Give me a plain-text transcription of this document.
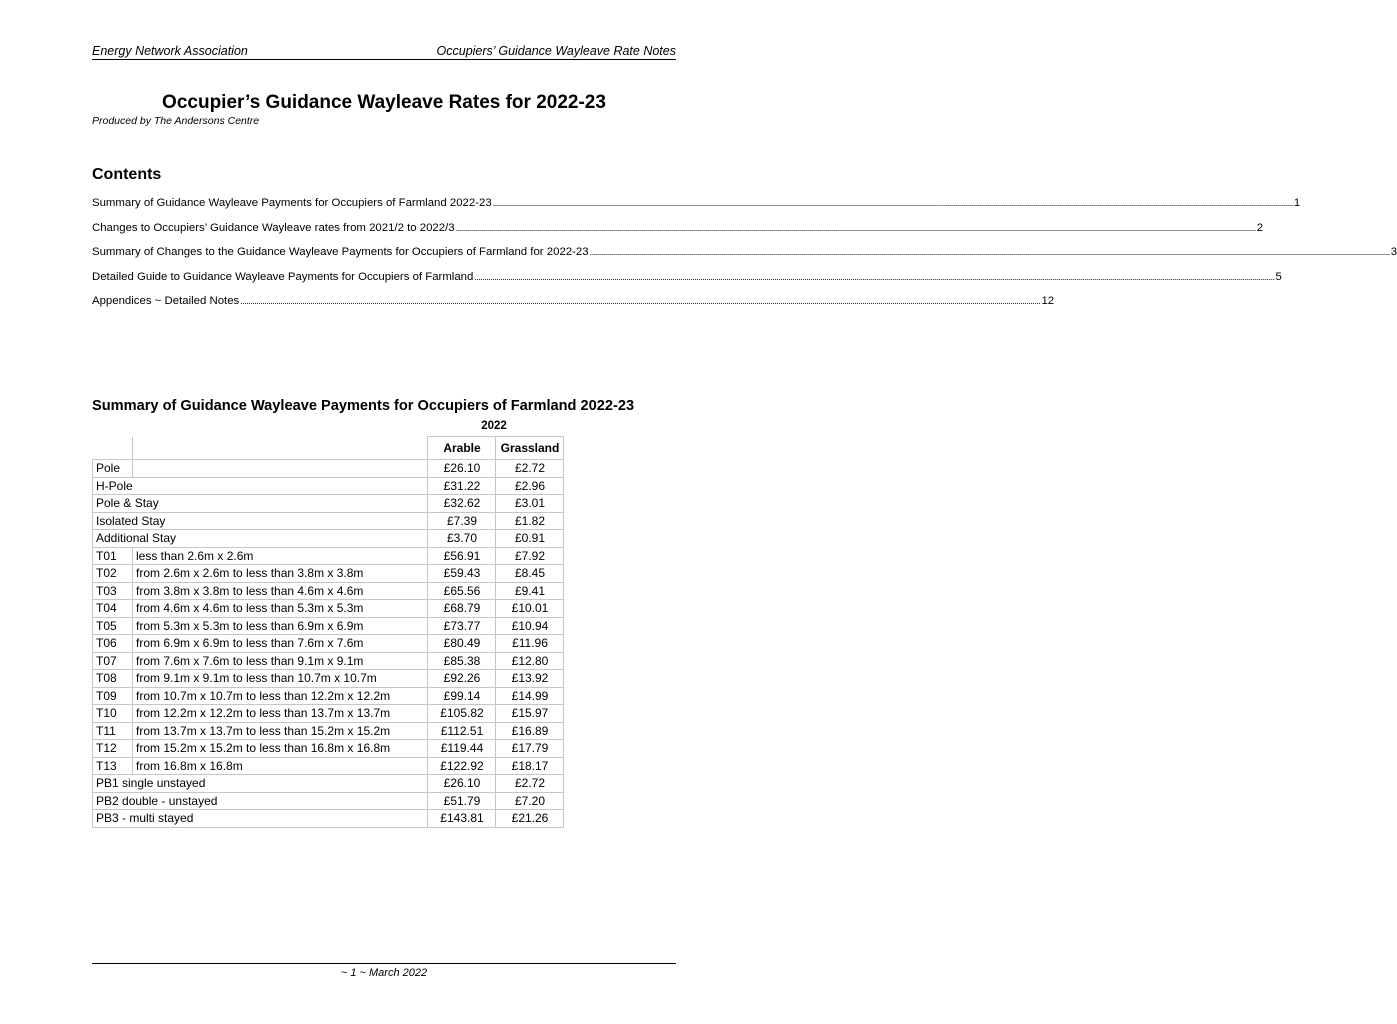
Energy Network Association	Occupiers’ Guidance Wayleave Rate Notes
Occupier’s Guidance Wayleave Rates for 2022-23
Produced by The Andersons Centre
Contents
Summary of Guidance Wayleave Payments for Occupiers of Farmland 2022-23 ................................................................................................................................................................................................................................................................................................................................................................................................................ 1
Changes to Occupiers’ Guidance Wayleave rates from 2021/2 to 2022/3 ................................................................................................................................................................................................................................................................................................................................................................................................................ 2
Summary of Changes to the Guidance Wayleave Payments for Occupiers of Farmland for 2022-23 ................................................................................................................................................................................................................................................................................................................................................................................................................ 3
Detailed Guide to Guidance Wayleave Payments for Occupiers of Farmland ................................................................................................................................................................................................................................................................................................................................................................................................................ 5
Appendices ~ Detailed Notes ................................................................................................................................................................................................................................................................................................................................................................................................................ 12
Summary of Guidance Wayleave Payments for Occupiers of Farmland 2022-23
2022
		Arable	Grassland
Pole		£26.10	£2.72
H-Pole		£31.22	£2.96
Pole & Stay		£32.62	£3.01
Isolated Stay		£7.39	£1.82
Additional Stay		£3.70	£0.91
T01	less than 2.6m x 2.6m	£56.91	£7.92
T02	from 2.6m x 2.6m to less than 3.8m x 3.8m	£59.43	£8.45
T03	from 3.8m x 3.8m to less than 4.6m x 4.6m	£65.56	£9.41
T04	from 4.6m x 4.6m to less than 5.3m x 5.3m	£68.79	£10.01
T05	from 5.3m x 5.3m to less than 6.9m x 6.9m	£73.77	£10.94
T06	from 6.9m x 6.9m to less than 7.6m x 7.6m	£80.49	£11.96
T07	from 7.6m x 7.6m to less than 9.1m x 9.1m	£85.38	£12.80
T08	from 9.1m x 9.1m to less than 10.7m x 10.7m	£92.26	£13.92
T09	from 10.7m x 10.7m to less than 12.2m x 12.2m	£99.14	£14.99
T10	from 12.2m x 12.2m to less than 13.7m x 13.7m	£105.82	£15.97
T11	from 13.7m x 13.7m to less than 15.2m x 15.2m	£112.51	£16.89
T12	from 15.2m x 15.2m to less than 16.8m x 16.8m	£119.44	£17.79
T13	from 16.8m x 16.8m	£122.92	£18.17
PB1 single unstayed		£26.10	£2.72
PB2 double - unstayed		£51.79	£7.20
PB3 - multi stayed		£143.81	£21.26
~ 1 ~ March 2022
